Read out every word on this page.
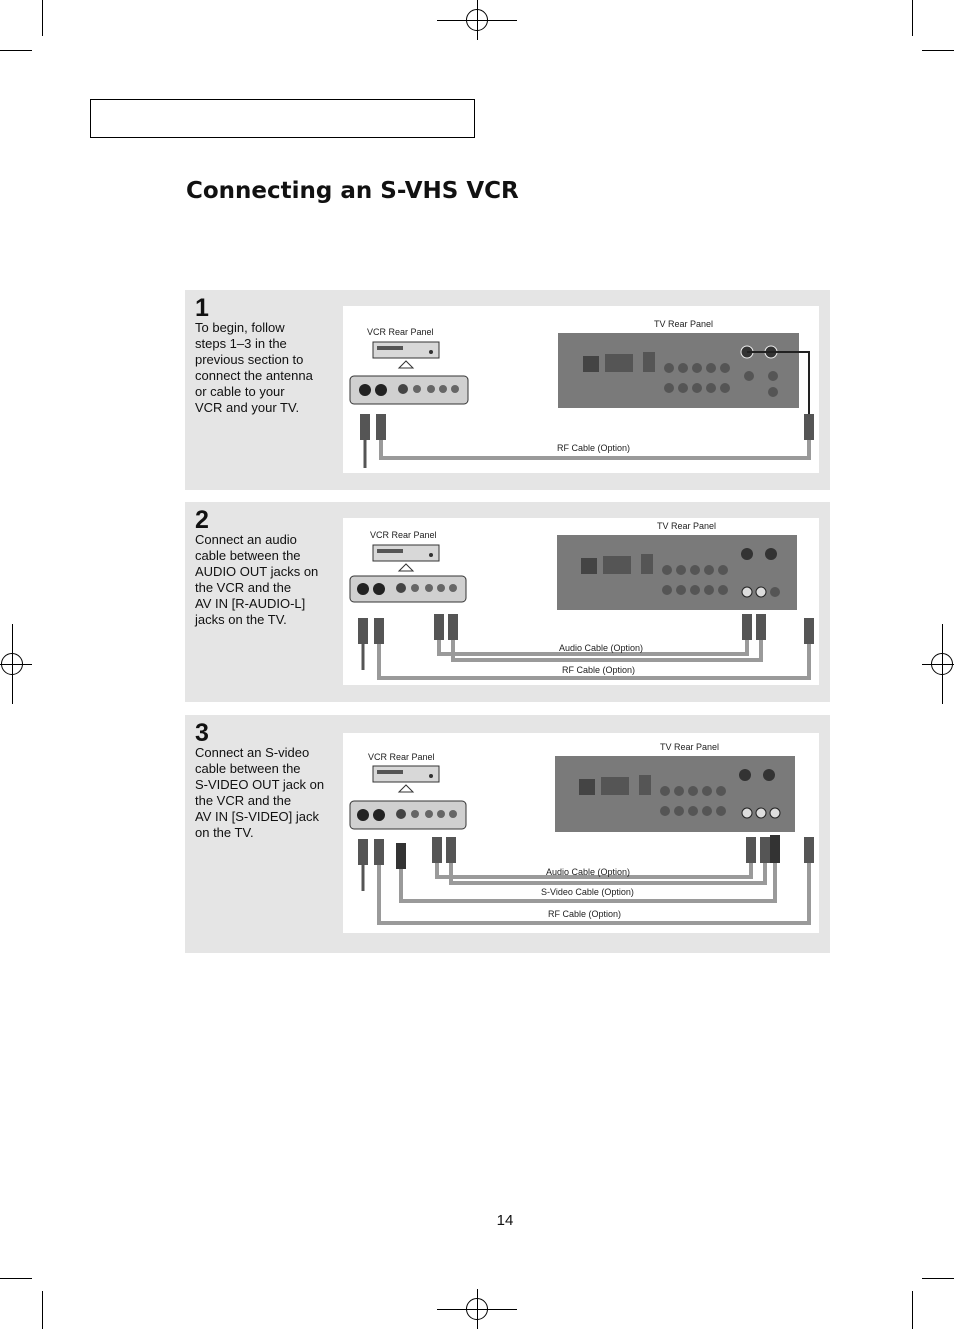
Connecting an S-VHS VCR
1

To begin, follow
steps 1–3 in the
previous section to
connect the antenna
or cable to your
VCR and your TV.

VCR Rear Panel
TV Rear Panel
RF Cable (Option)
2

Connect an audio
cable between the
AUDIO OUT jacks on
the VCR and the
AV IN [R-AUDIO-L]
jacks on the TV.

VCR Rear Panel
TV Rear Panel
Audio Cable (Option)
RF Cable (Option)
3

Connect an S-video
cable between the
S-VIDEO OUT jack on
the VCR and the
AV IN [S-VIDEO] jack
on the TV.

VCR Rear Panel
TV Rear Panel
Audio Cable (Option)
S-Video Cable (Option)
RF Cable (Option)
14
